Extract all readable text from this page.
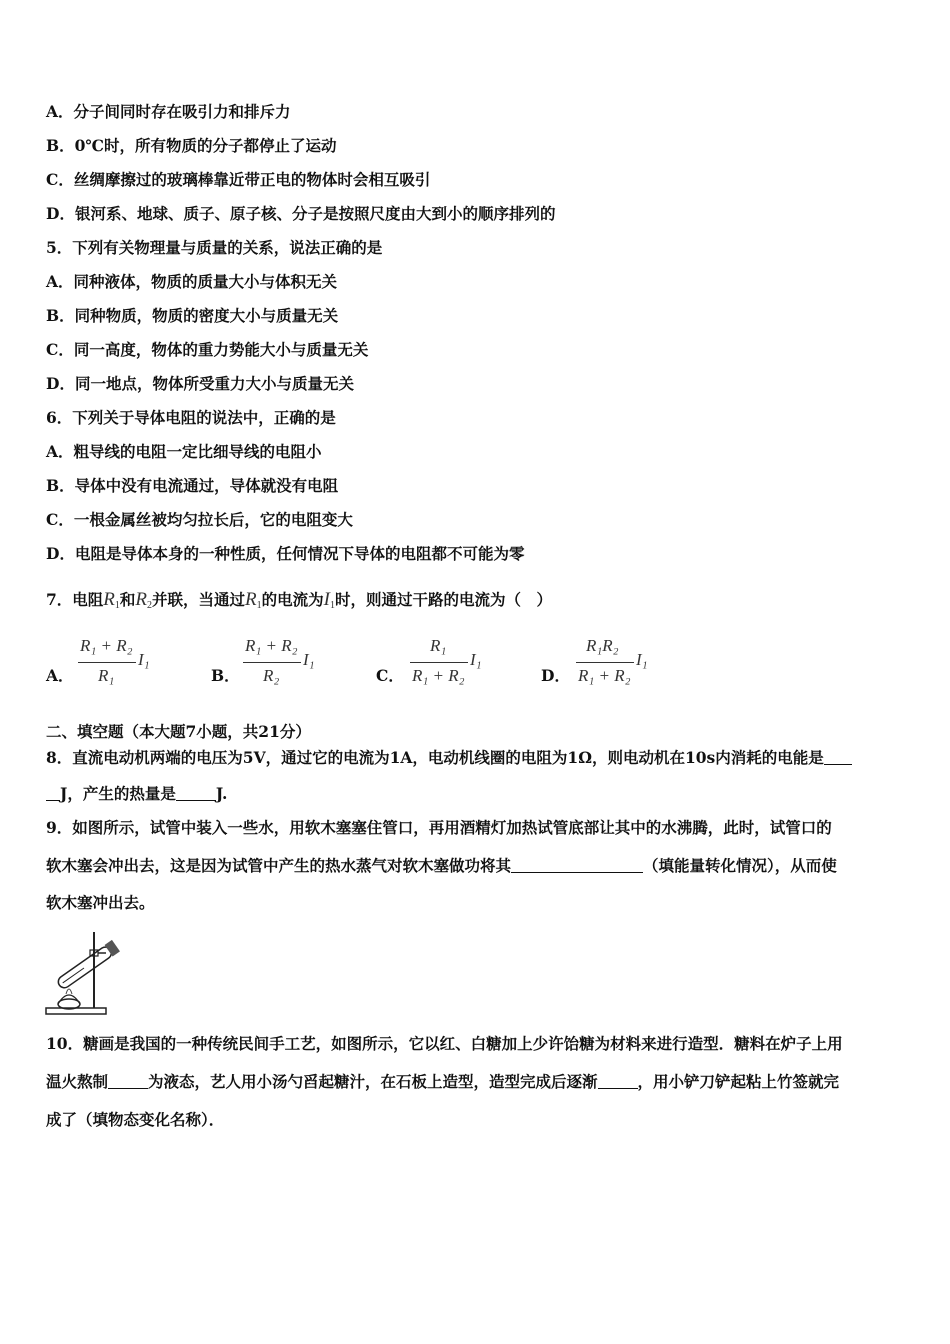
A．分子间同时存在吸引力和排斥力
B．0℃时，所有物质的分子都停止了运动
C．丝绸摩擦过的玻璃棒靠近带正电的物体时会相互吸引
D．银河系、地球、质子、原子核、分子是按照尺度由大到小的顺序排列的
5．下列有关物理量与质量的关系，说法正确的是
A．同种液体，物质的质量大小与体积无关
B．同种物质，物质的密度大小与质量无关
C．同一高度，物体的重力势能大小与质量无关
D．同一地点，物体所受重力大小与质量无关
6．下列关于导体电阻的说法中，正确的是
A．粗导线的电阻一定比细导线的电阻小
B．导体中没有电流通过，导体就没有电阻
C．一根金属丝被均匀拉长后，它的电阻变大
D．电阻是导体本身的一种性质，任何情况下导体的电阻都不可能为零
7．电阻$R_1$和$R_2$并联，当通过$R_1$的电流为$I_1$时，则通过干路的电流为（　）
A．
R₁ + R₂
R₁
I₁
B．
R₁ + R₂
R₂
I₁
C．
R₁
R₁ + R₂
I₁
D．
R₁R₂
R₁ + R₂
I₁
二、填空题（本大题7小题，共21分）
8．直流电动机两端的电压为5V，通过它的电流为1A，电动机线圈的电阻为1Ω，则电动机在10s内消耗的电能是
J，产生的热量是	J.
9．如图所示，试管中装入一些水，用软木塞塞住管口，再用酒精灯加热试管底部让其中的水沸腾，此时，试管口的
软木塞会冲出去，这是因为试管中产生的热水蒸气对软木塞做功将其	（填能量转化情况），从而使
软木塞冲出去。
10．糖画是我国的一种传统民间手工艺，如图所示，它以红、白糖加上少许饴糖为材料来进行造型．糖料在炉子上用
温火熬制	为液态，艺人用小汤勺舀起糖汁，在石板上造型，造型完成后逐渐	，用小铲刀铲起粘上竹签就完
成了（填物态变化名称）．
